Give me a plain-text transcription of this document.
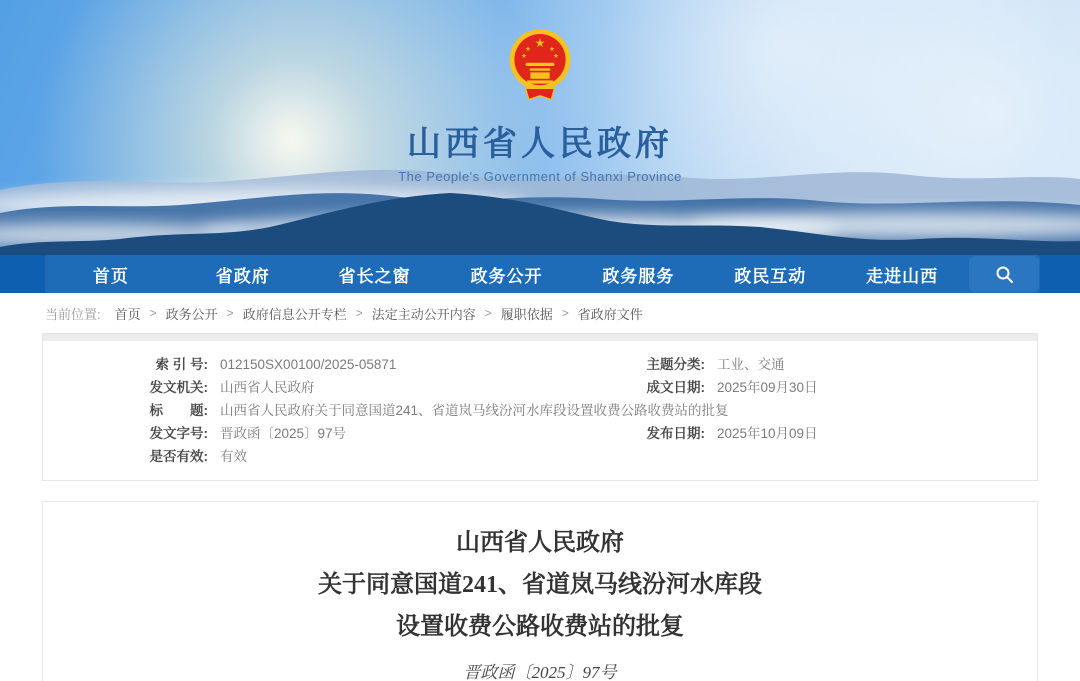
★
★ ★
★	★
山西省人民政府
The People's Government of Shanxi Province
首页	省政府	省长之窗	政务公开	政务服务	政民互动	走进山西
当前位置: 首页 > 政务公开 > 政府信息公开专栏 > 法定主动公开内容 > 履职依据 > 省政府文件
索 引 号: 012150SX00100/2025-05871	主题分类: 工业、交通
发文机关: 山西省人民政府	成文日期: 2025年09月30日
标　　题: 山西省人民政府关于同意国道241、省道岚马线汾河水库段设置收费公路收费站的批复
发文字号: 晋政函〔2025〕97号	发布日期: 2025年10月09日
是否有效: 有效
山西省人民政府
关于同意国道241、省道岚马线汾河水库段
设置收费公路收费站的批复
晋政函〔2025〕97号
